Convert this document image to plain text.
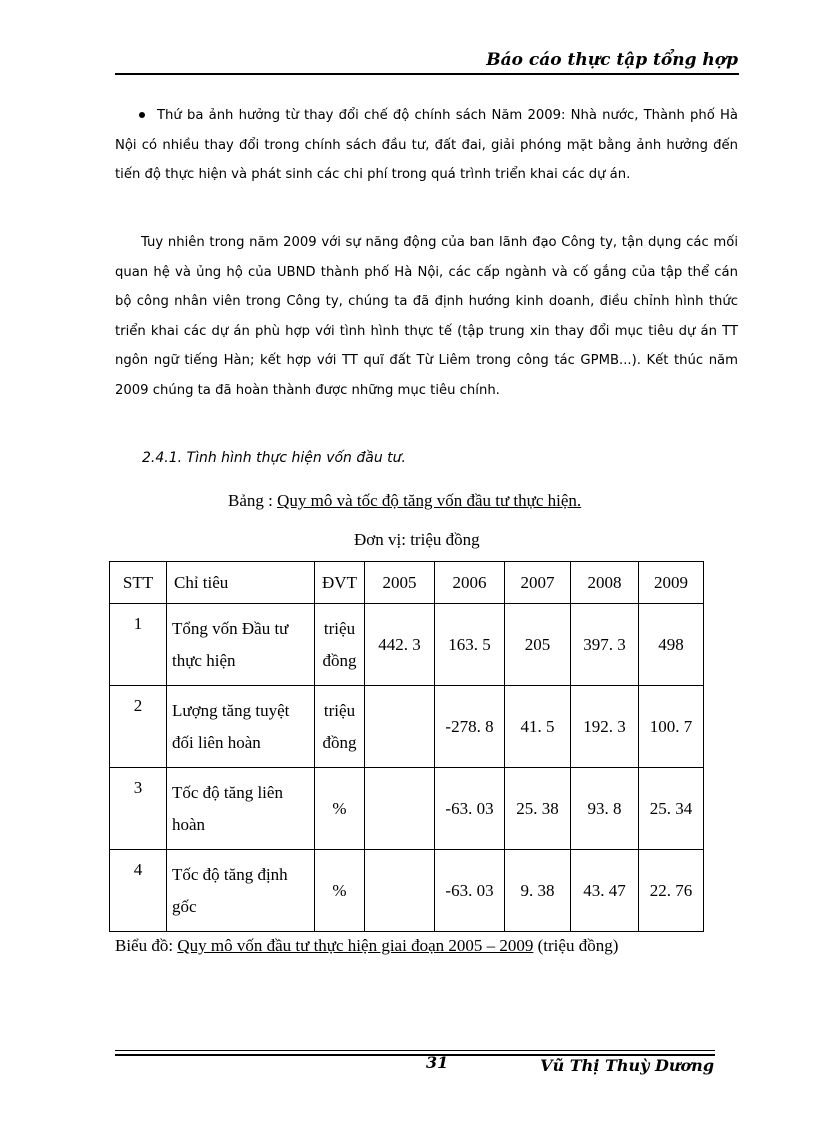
Báo cáo thực tập tổng hợp
Thứ ba ảnh hưởng từ thay đổi chế độ chính sách Năm 2009: Nhà nước, Thành phố Hà Nội có nhiều thay đổi trong chính sách đầu tư, đất đai, giải phóng mặt bằng ảnh hưởng đến tiến độ thực hiện và phát sinh các chi phí trong quá trình triển khai các dự án.
Tuy nhiên trong năm 2009 với sự năng động của ban lãnh đạo Công ty, tận dụng các mối quan hệ và ủng hộ của UBND thành phố Hà Nội, các cấp ngành và cố gắng của tập thể cán bộ công nhân viên trong Công ty, chúng ta đã định hướng kinh doanh, điều chỉnh hình thức triển khai các dự án phù hợp với tình hình thực tế (tập trung xin thay đổi mục tiêu dự án TT ngôn ngữ tiếng Hàn; kết hợp với TT quĩ đất Từ Liêm trong công tác GPMB...). Kết thúc năm 2009 chúng ta đã hoàn thành được những mục tiêu chính.
2.4.1. Tình hình thực hiện vốn đầu tư.
Bảng : Quy mô và tốc độ tăng vốn đầu tư thực hiện.
Đơn vị: triệu đồng
STT	Chỉ tiêu	ĐVT	2005	2006	2007	2008	2009
1	Tổng vốn Đầu tư thực hiện	triệu đồng	442. 3	163. 5	205	397. 3	498
2	Lượng tăng tuyệt đối liên hoàn	triệu đồng		-278. 8	41. 5	192. 3	100. 7
3	Tốc độ tăng liên hoàn	%		-63. 03	25. 38	93. 8	25. 34
4	Tốc độ tăng định gốc	%		-63. 03	9. 38	43. 47	22. 76
Biểu đồ: Quy mô vốn đầu tư thực hiện giai đoạn 2005 – 2009 (triệu đồng)
31	Vũ Thị Thuỳ Dương
